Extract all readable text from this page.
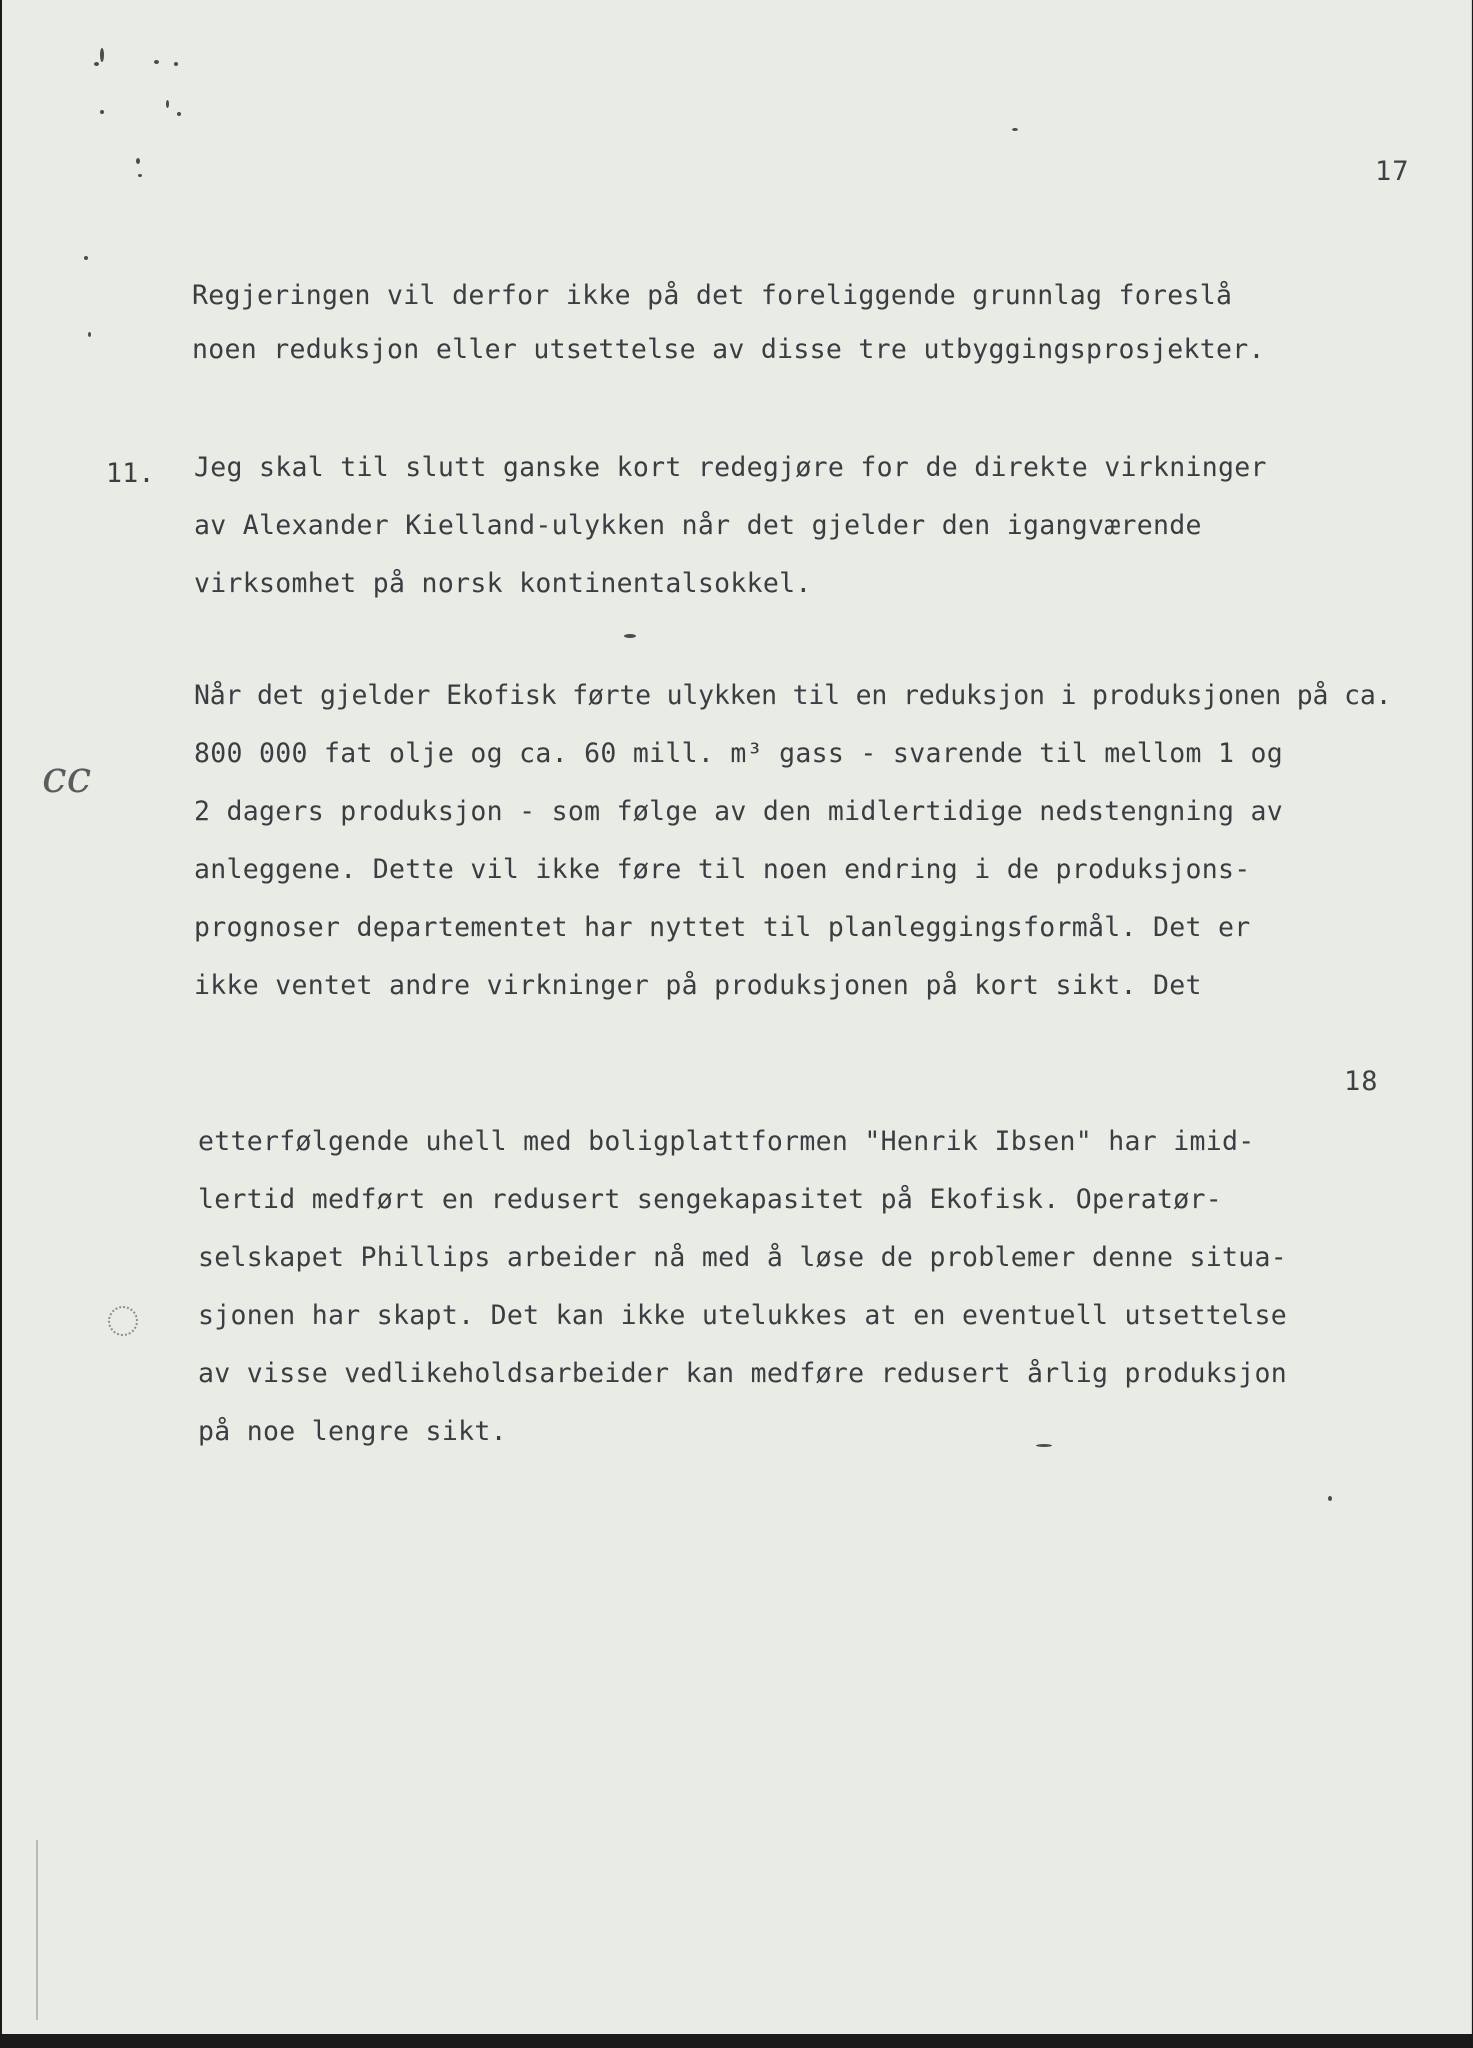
17
Regjeringen vil derfor ikke på det foreliggende grunnlag foreslå
noen reduksjon eller utsettelse av disse tre utbyggingsprosjekter.
11. Jeg skal til slutt ganske kort redegjøre for de direkte virkninger
av Alexander Kielland-ulykken når det gjelder den igangværende
virksomhet på norsk kontinentalsokkel.
Når det gjelder Ekofisk førte ulykken til en reduksjon i produksjonen på ca.
800 000 fat olje og ca. 60 mill. m³ gass - svarende til mellom 1 og
2 dagers produksjon - som følge av den midlertidige nedstengning av
anleggene. Dette vil ikke føre til noen endring i de produksjons-
prognoser departementet har nyttet til planleggingsformål. Det er
ikke ventet andre virkninger på produksjonen på kort sikt. Det
18
etterfølgende uhell med boligplattformen "Henrik Ibsen" har imid-
lertid medført en redusert sengekapasitet på Ekofisk. Operatør-
selskapet Phillips arbeider nå med å løse de problemer denne situa-
sjonen har skapt. Det kan ikke utelukkes at en eventuell utsettelse
av visse vedlikeholdsarbeider kan medføre redusert årlig produksjon
på noe lengre sikt.
cc
